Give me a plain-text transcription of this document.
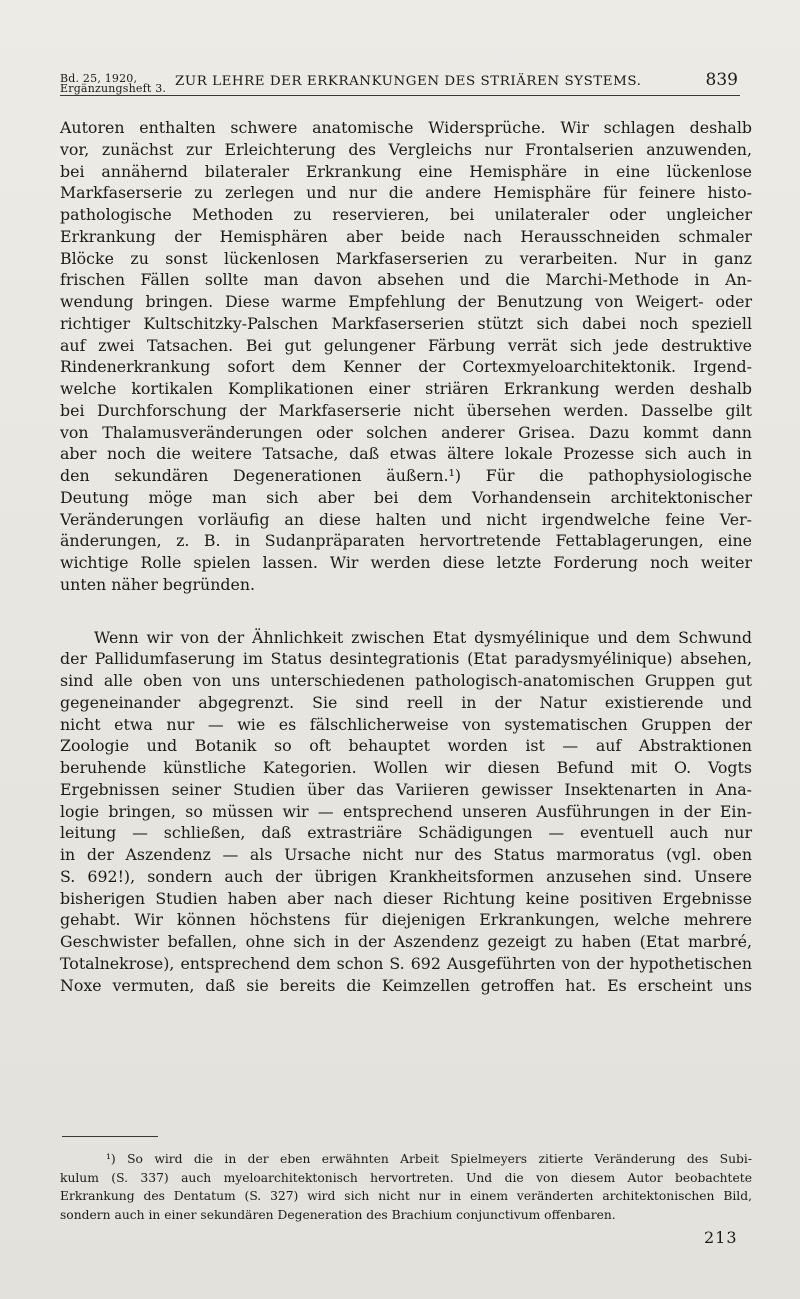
Bd. 25, 1920,
Ergänzungsheft 3. ZUR LEHRE DER ERKRANKUNGEN DES STRIÄREN SYSTEMS.	839

Autoren enthalten schwere anatomische Widersprüche. Wir schlagen deshalb

vor, zunächst zur Erleichterung des Vergleichs nur Frontalserien anzuwenden,

bei annähernd bilateraler Erkrankung eine Hemisphäre in eine lückenlose

Markfaserserie zu zerlegen und nur die andere Hemisphäre für feinere histo-

pathologische Methoden zu reservieren, bei unilateraler oder ungleicher

Erkrankung der Hemisphären aber beide nach Herausschneiden schmaler

Blöcke zu sonst lückenlosen Markfaserserien zu verarbeiten. Nur in ganz

frischen Fällen sollte man davon absehen und die Marchi-Methode in An-

wendung bringen. Diese warme Empfehlung der Benutzung von Weigert- oder

richtiger Kultschitzky-Palschen Markfaserserien stützt sich dabei noch speziell

auf zwei Tatsachen. Bei gut gelungener Färbung verrät sich jede destruktive

Rindenerkrankung sofort dem Kenner der Cortexmyeloarchitektonik. Irgend-

welche kortikalen Komplikationen einer striären Erkrankung werden deshalb

bei Durchforschung der Markfaserserie nicht übersehen werden. Dasselbe gilt

von Thalamusveränderungen oder solchen anderer Grisea. Dazu kommt dann

aber noch die weitere Tatsache, daß etwas ältere lokale Prozesse sich auch in

den sekundären Degenerationen äußern.¹) Für die pathophysiologische

Deutung möge man sich aber bei dem Vorhandensein architektonischer

Veränderungen vorläufig an diese halten und nicht irgendwelche feine Ver-

änderungen, z. B. in Sudanpräparaten hervortretende Fettablagerungen, eine

wichtige Rolle spielen lassen. Wir werden diese letzte Forderung noch weiter

unten näher begründen.

Wenn wir von der Ähnlichkeit zwischen Etat dysmyélinique und dem Schwund

der Pallidumfaserung im Status desintegrationis (Etat paradysmyélinique) absehen,

sind alle oben von uns unterschiedenen pathologisch-anatomischen Gruppen gut

gegeneinander abgegrenzt. Sie sind reell in der Natur existierende und

nicht etwa nur — wie es fälschlicherweise von systematischen Gruppen der

Zoologie und Botanik so oft behauptet worden ist — auf Abstraktionen

beruhende künstliche Kategorien. Wollen wir diesen Befund mit O. Vogts

Ergebnissen seiner Studien über das Variieren gewisser Insektenarten in Ana-

logie bringen, so müssen wir — entsprechend unseren Ausführungen in der Ein-

leitung — schließen, daß extrastriäre Schädigungen — eventuell auch nur

in der Aszendenz — als Ursache nicht nur des Status marmoratus (vgl. oben

S. 692!), sondern auch der übrigen Krankheitsformen anzusehen sind. Unsere

bisherigen Studien haben aber nach dieser Richtung keine positiven Ergebnisse

gehabt. Wir können höchstens für diejenigen Erkrankungen, welche mehrere

Geschwister befallen, ohne sich in der Aszendenz gezeigt zu haben (Etat marbré,

Totalnekrose), entsprechend dem schon S. 692 Ausgeführten von der hypothetischen

Noxe vermuten, daß sie bereits die Keimzellen getroffen hat. Es erscheint uns

¹) So wird die in der eben erwähnten Arbeit Spielmeyers zitierte Veränderung des Subi-

kulum (S. 337) auch myeloarchitektonisch hervortreten. Und die von diesem Autor beobachtete

Erkrankung des Dentatum (S. 327) wird sich nicht nur in einem veränderten architektonischen Bild,

sondern auch in einer sekundären Degeneration des Brachium conjunctivum offenbaren.

213
